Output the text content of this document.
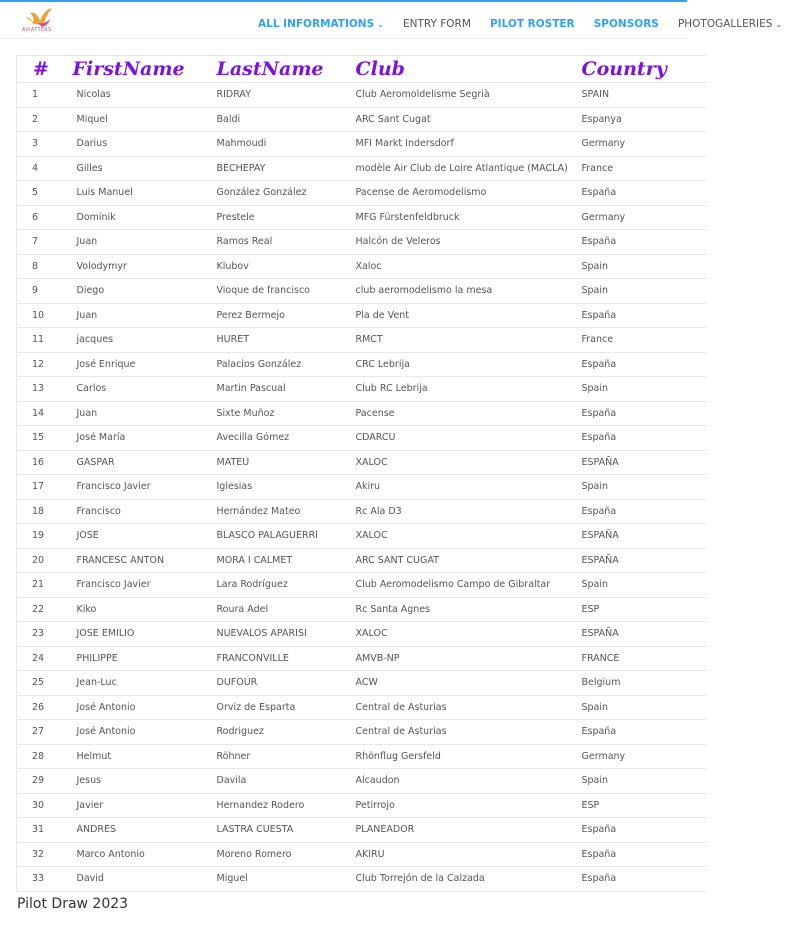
AVIATTERS	ALL INFORMATIONS ⌄ ENTRY FORM PILOT ROSTER SPONSORS PHOTOGALLERIES ⌄
#	FirstName	LastName	Club	Country
1	Nicolas	RIDRAY	Club Aeromoldelisme Segrià	SPAIN
2	Miquel	Baldi	ARC Sant Cugat	Espanya
3	Darius	Mahmoudi	MFI Markt Indersdorf	Germany
4	Gilles	BECHEPAY	modèle Air Club de Loire Atlantique (MACLA)	France
5	Luis Manuel	González González	Pacense de Aeromodelismo	España
6	Dominik	Prestele	MFG Fürstenfeldbruck	Germany
7	Juan	Ramos Real	Halcón de Veleros	España
8	Volodymyr	Klubov	Xaloc	Spain
9	Diego	Vioque de francisco	club aeromodelismo la mesa	Spain
10	Juan	Perez Bermejo	Pla de Vent	España
11	jacques	HURET	RMCT	France
12	José Enrique	Palacios González	CRC Lebrija	España
13	Carlos	Martin Pascual	Club RC Lebrija	Spain
14	Juan	Sixte Muñoz	Pacense	España
15	José María	Avecilla Gómez	CDARCU	España
16	GASPAR	MATEU	XALOC	ESPAÑA
17	Francisco Javier	Iglesias	Akiru	Spain
18	Francisco	Hernández Mateo	Rc Ala D3	España
19	JOSE	BLASCO PALAGUERRI	XALOC	ESPAÑA
20	FRANCESC ANTON	MORA I CALMET	ARC SANT CUGAT	ESPAÑA
21	Francisco Javier	Lara Rodríguez	Club Aeromodelismo Campo de Gibraltar	Spain
22	Kiko	Roura Adel	Rc Santa Agnes	ESP
23	JOSE EMILIO	NUEVALOS APARISI	XALOC	ESPAÑA
24	PHILIPPE	FRANCONVILLE	AMVB-NP	FRANCE
25	Jean-Luc	DUFOUR	ACW	Belgium
26	José Antonio	Orviz de Esparta	Central de Asturias	Spain
27	José Antonio	Rodriguez	Central de Asturias	España
28	Helmut	Röhner	Rhönflug Gersfeld	Germany
29	Jesus	Davila	Alcaudon	Spain
30	Javier	Hernandez Rodero	Petirrojo	ESP
31	ANDRES	LASTRA CUESTA	PLANEADOR	España
32	Marco Antonio	Moreno Romero	AKIRU	España
33	David	Miguel	Club Torrejón de la Calzada	España
Pilot Draw 2023
